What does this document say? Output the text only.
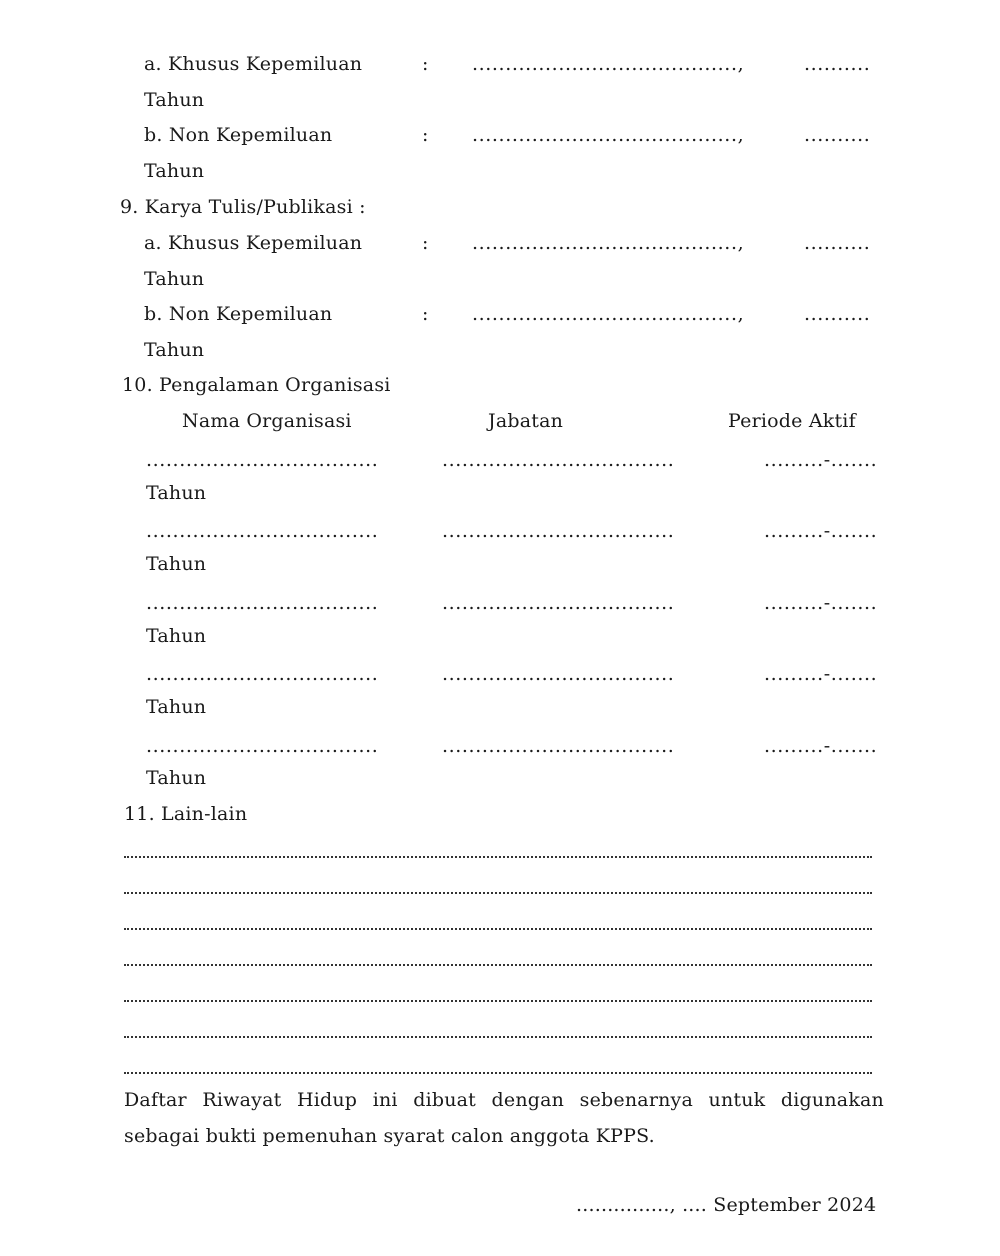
a. Khusus Kepemiluan	: ........................................,	..........
Tahun
b. Non Kepemiluan	: ........................................,	..........
Tahun
9. Karya Tulis/Publikasi :
a. Khusus Kepemiluan	: ........................................,	..........
Tahun
b. Non Kepemiluan	: ........................................,	..........
Tahun
10. Pengalaman Organisasi
Nama Organisasi	Jabatan	Periode Aktif
...................................	...................................	.........-.......
Tahun
...................................	...................................	.........-.......
Tahun
...................................	...................................	.........-.......
Tahun
...................................	...................................	.........-.......
Tahun
...................................	...................................	.........-.......
Tahun
11. Lain-lain
Daftar Riwayat Hidup ini dibuat dengan sebenarnya untuk digunakan sebagai bukti pemenuhan syarat calon anggota KPPS.
..............., .... September 2024
